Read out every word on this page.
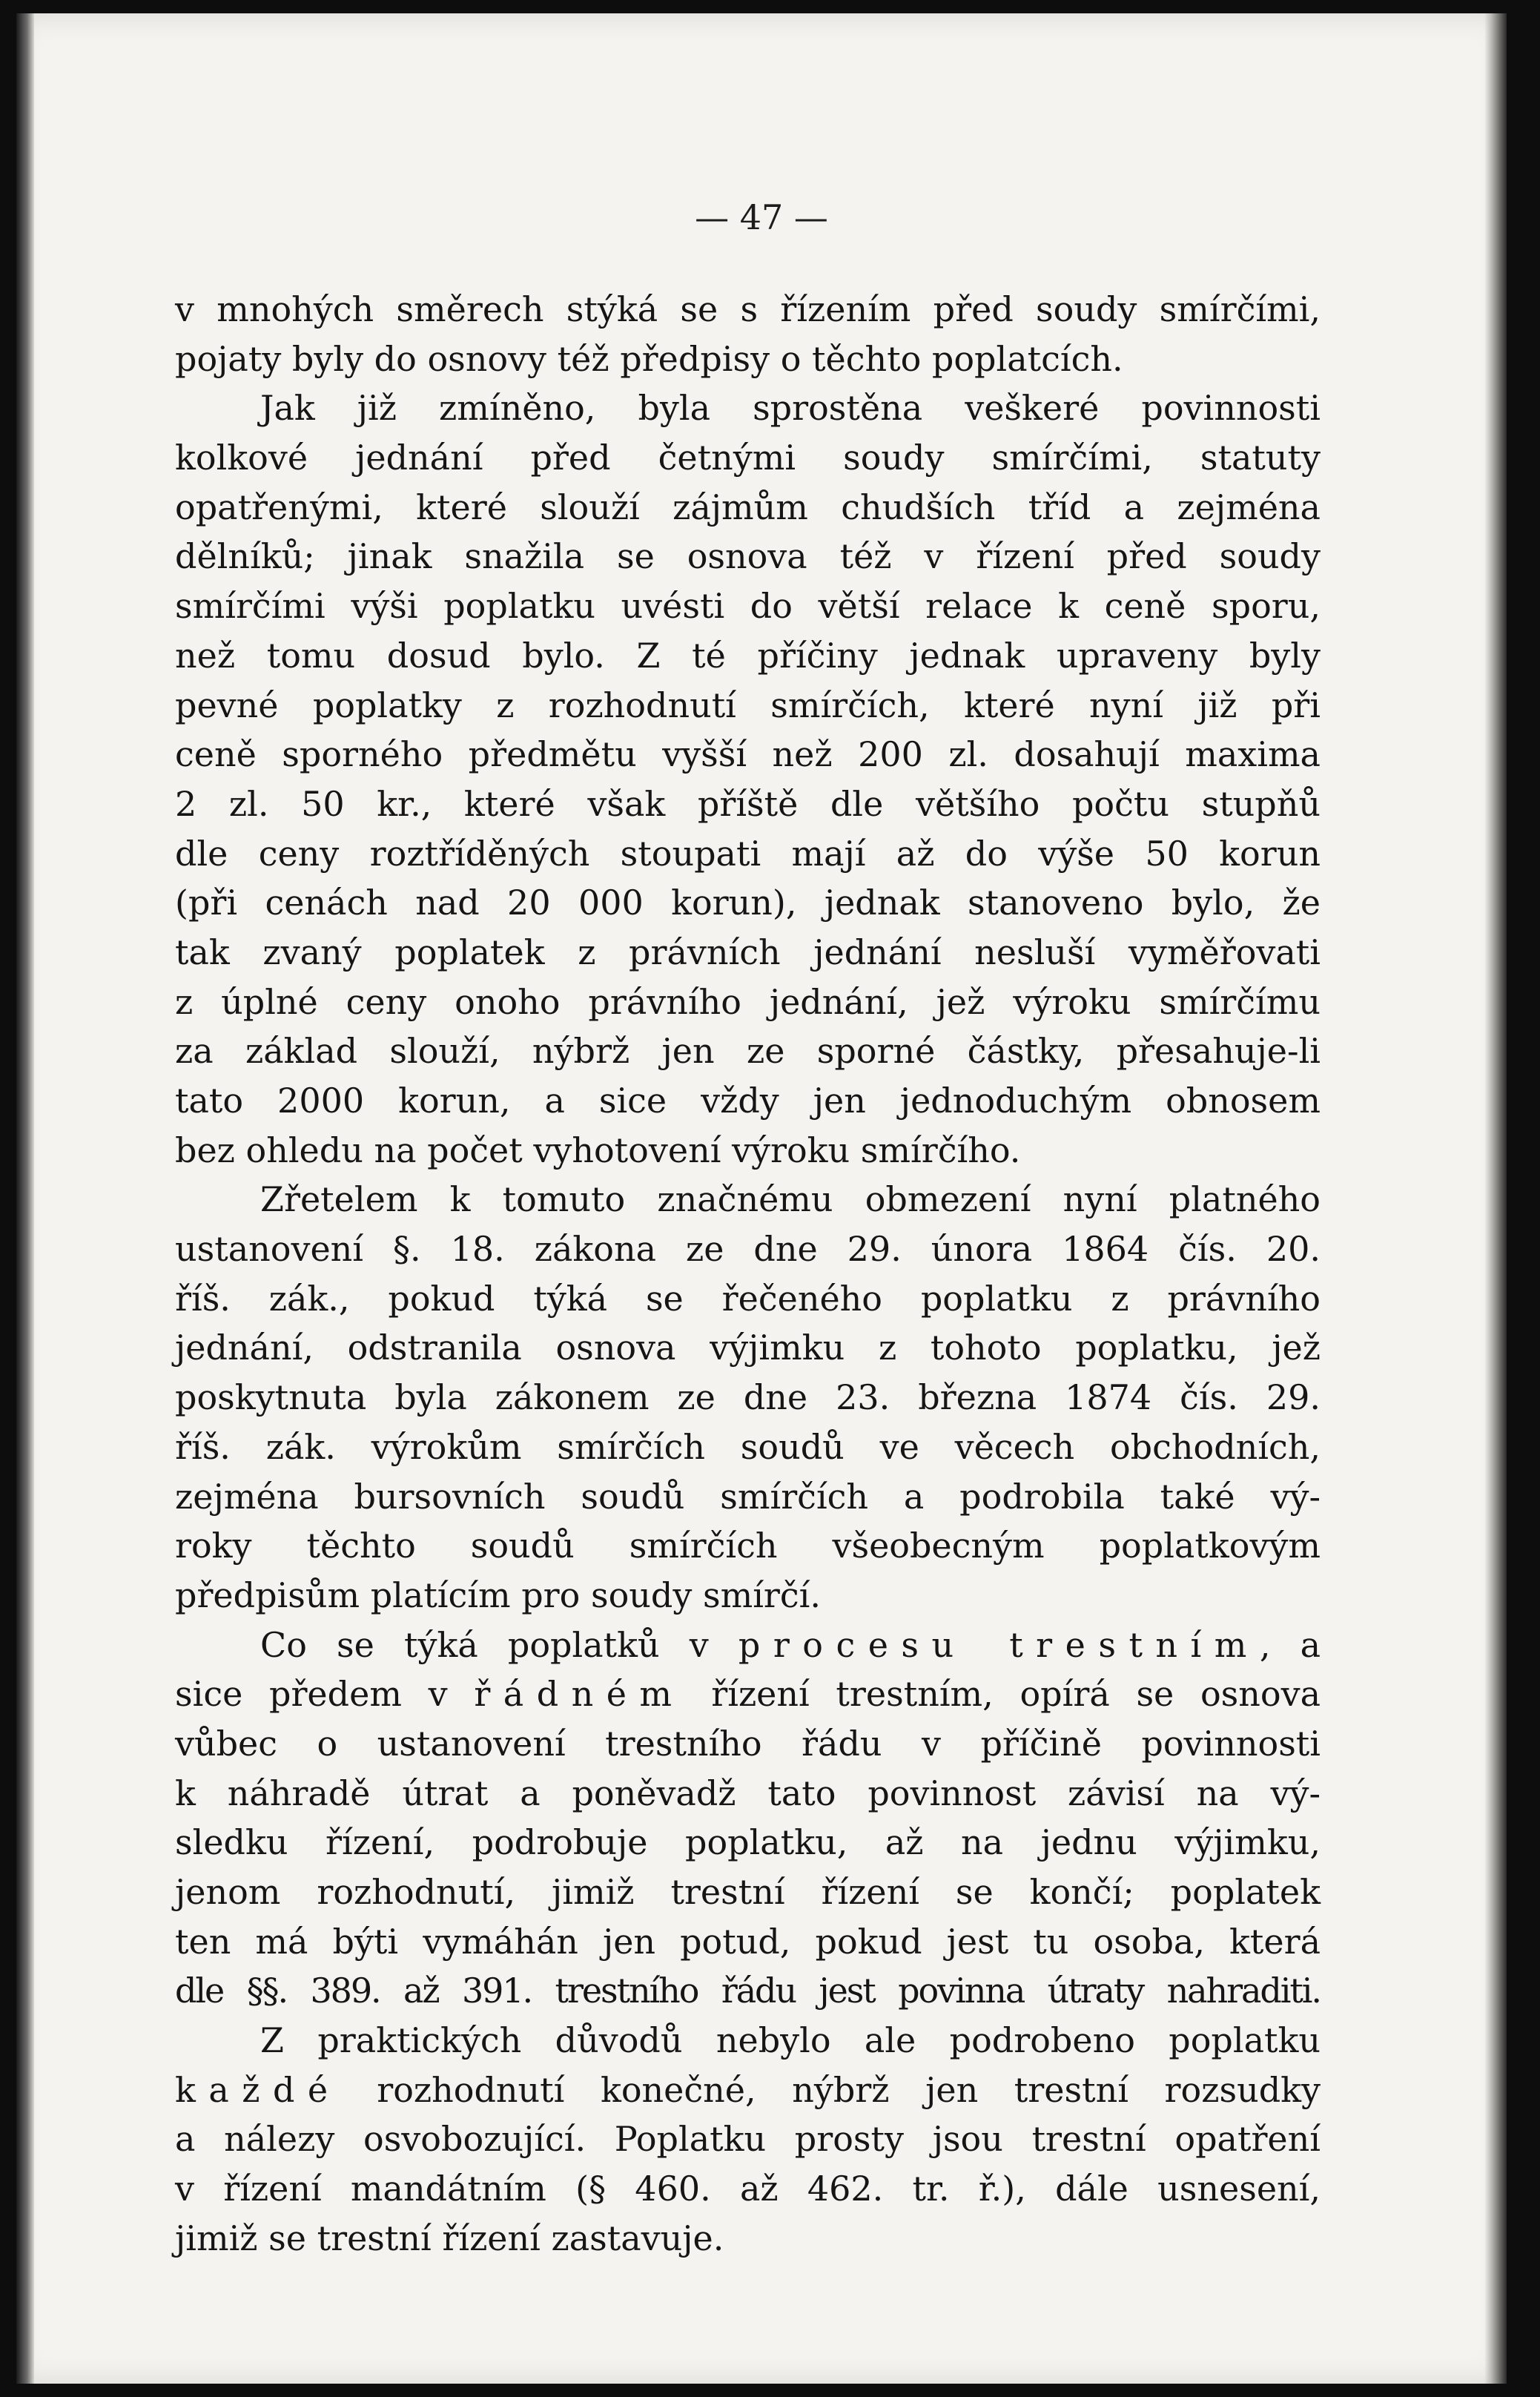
— 47 —
v mnohých směrech stýká se s řízením před soudy smírčími,
pojaty byly do osnovy též předpisy o těchto poplatcích.
Jak již zmíněno, byla sprostěna veškeré povinnosti
kolkové jednání před četnými soudy smírčími, statuty
opatřenými, které slouží zájmům chudších tříd a zejména
dělníků; jinak snažila se osnova též v řízení před soudy
smírčími výši poplatku uvésti do větší relace k ceně sporu,
než tomu dosud bylo. Z té příčiny jednak upraveny byly
pevné poplatky z rozhodnutí smírčích, které nyní již při
ceně sporného předmětu vyšší než 200 zl. dosahují maxima
2 zl. 50 kr., které však příště dle většího počtu stupňů
dle ceny roztříděných stoupati mají až do výše 50 korun
(při cenách nad 20 000 korun), jednak stanoveno bylo, že
tak zvaný poplatek z právních jednání nesluší vyměřovati
z úplné ceny onoho právního jednání, jež výroku smírčímu
za základ slouží, nýbrž jen ze sporné částky, přesahuje-li
tato 2000 korun, a sice vždy jen jednoduchým obnosem
bez ohledu na počet vyhotovení výroku smírčího.
Zřetelem k tomuto značnému obmezení nyní platného
ustanovení §. 18. zákona ze dne 29. února 1864 čís. 20.
říš. zák., pokud týká se řečeného poplatku z právního
jednání, odstranila osnova výjimku z tohoto poplatku, jež
poskytnuta byla zákonem ze dne 23. března 1874 čís. 29.
říš. zák. výrokům smírčích soudů ve věcech obchodních,
zejména bursovních soudů smírčích a podrobila také vý-
roky těchto soudů smírčích všeobecným poplatkovým
předpisům platícím pro soudy smírčí.
Co se týká poplatků v procesu trestním, a
sice předem v řádném řízení trestním, opírá se osnova
vůbec o ustanovení trestního řádu v příčině povinnosti
k náhradě útrat a poněvadž tato povinnost závisí na vý-
sledku řízení, podrobuje poplatku, až na jednu výjimku,
jenom rozhodnutí, jimiž trestní řízení se končí; poplatek
ten má býti vymáhán jen potud, pokud jest tu osoba, která
dle §§. 389. až 391. trestního řádu jest povinna útraty nahraditi.
Z praktických důvodů nebylo ale podrobeno poplatku
každé rozhodnutí konečné, nýbrž jen trestní rozsudky
a nálezy osvobozující. Poplatku prosty jsou trestní opatření
v řízení mandátním (§ 460. až 462. tr. ř.), dále usnesení,
jimiž se trestní řízení zastavuje.
